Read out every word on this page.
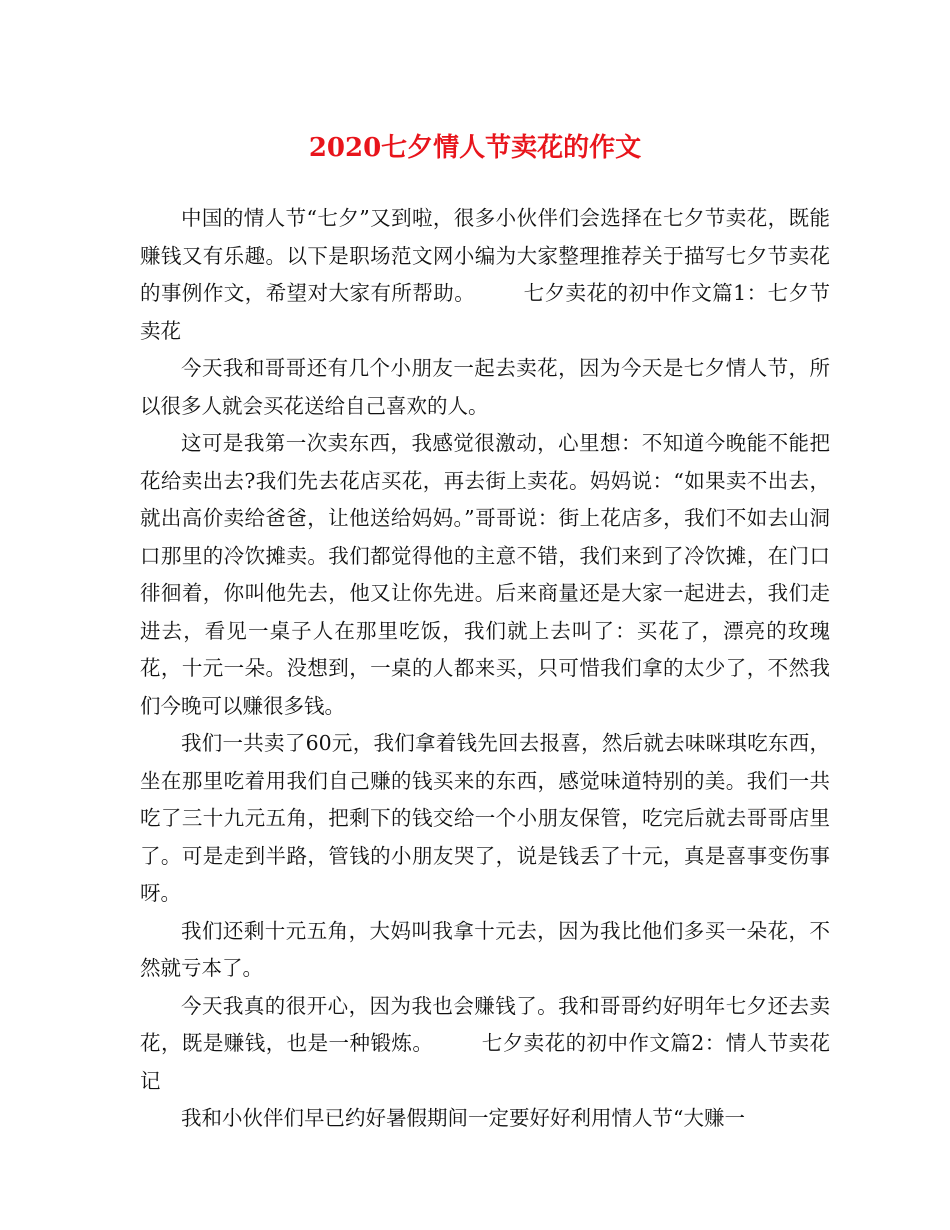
2020七夕情人节卖花的作文

中国的情人节“七夕”又到啦，很多小伙伴们会选择在七夕节卖花，既能赚钱又有乐趣。以下是职场范文网小编为大家整理推荐关于描写七夕节卖花的事例作文，希望对大家有所帮助。 七夕卖花的初中作文篇1：七夕节卖花

今天我和哥哥还有几个小朋友一起去卖花，因为今天是七夕情人节，所以很多人就会买花送给自己喜欢的人。

这可是我第一次卖东西，我感觉很激动，心里想：不知道今晚能不能把花给卖出去?我们先去花店买花，再去街上卖花。妈妈说：“如果卖不出去，就出高价卖给爸爸，让他送给妈妈。”哥哥说：街上花店多，我们不如去山洞口那里的冷饮摊卖。我们都觉得他的主意不错，我们来到了冷饮摊，在门口徘徊着，你叫他先去，他又让你先进。后来商量还是大家一起进去，我们走进去，看见一桌子人在那里吃饭，我们就上去叫了：买花了，漂亮的玫瑰花，十元一朵。没想到，一桌的人都来买，只可惜我们拿的太少了，不然我们今晚可以赚很多钱。

我们一共卖了60元，我们拿着钱先回去报喜，然后就去味咪琪吃东西，坐在那里吃着用我们自己赚的钱买来的东西，感觉味道特别的美。我们一共吃了三十九元五角，把剩下的钱交给一个小朋友保管，吃完后就去哥哥店里了。可是走到半路，管钱的小朋友哭了，说是钱丢了十元，真是喜事变伤事呀。

我们还剩十元五角，大妈叫我拿十元去，因为我比他们多买一朵花，不然就亏本了。

今天我真的很开心，因为我也会赚钱了。我和哥哥约好明年七夕还去卖花，既是赚钱，也是一种锻炼。 七夕卖花的初中作文篇2：情人节卖花记

我和小伙伴们早已约好暑假期间一定要好好利用情人节“大赚一
